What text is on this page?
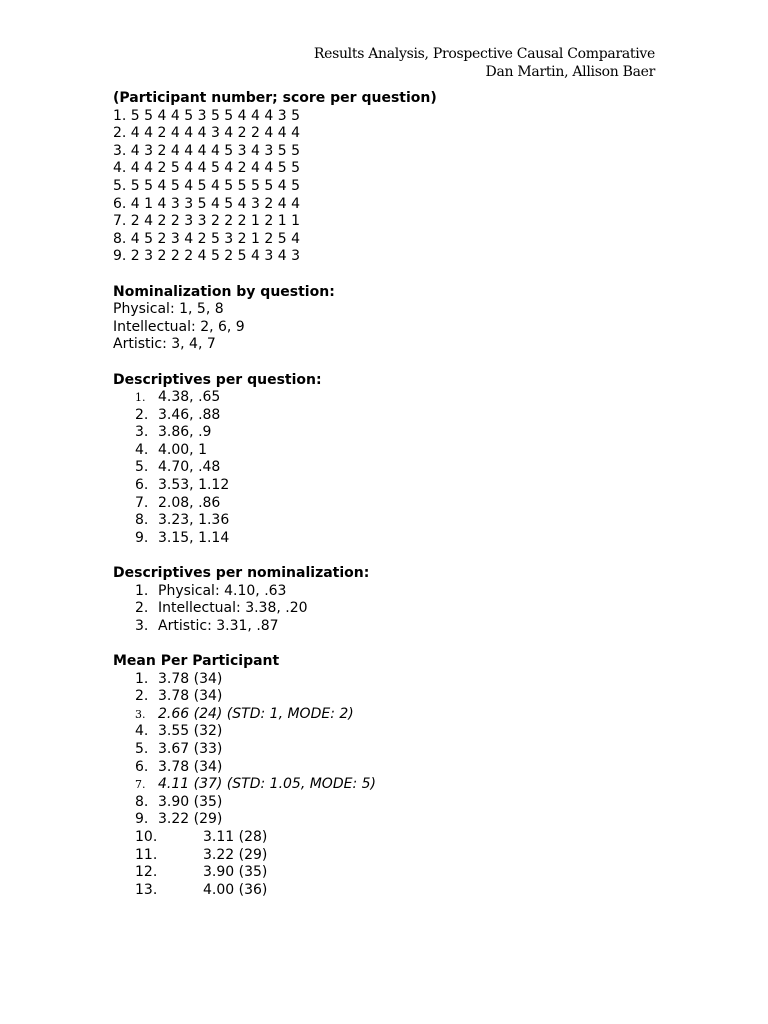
Results Analysis, Prospective Causal Comparative
Dan Martin, Allison Baer
(Participant number; score per question)
1. 5 5 4 4 5 3 5 5 4 4 4 3 5
2. 4 4 2 4 4 4 3 4 2 2 4 4 4
3. 4 3 2 4 4 4 4 5 3 4 3 5 5
4. 4 4 2 5 4 4 5 4 2 4 4 5 5
5. 5 5 4 5 4 5 4 5 5 5 5 4 5
6. 4 1 4 3 3 5 4 5 4 3 2 4 4
7. 2 4 2 2 3 3 2 2 2 1 2 1 1
8. 4 5 2 3 4 2 5 3 2 1 2 5 4
9. 2 3 2 2 2 4 5 2 5 4 3 4 3
Nominalization by question:
Physical: 1, 5, 8
Intellectual: 2, 6, 9
Artistic: 3, 4, 7
Descriptives per question:
1. 4.38, .65
2. 3.46, .88
3. 3.86, .9
4. 4.00, 1
5. 4.70, .48
6. 3.53, 1.12
7. 2.08, .86
8. 3.23, 1.36
9. 3.15, 1.14
Descriptives per nominalization:
1. Physical: 4.10, .63
2. Intellectual: 3.38, .20
3. Artistic: 3.31, .87
Mean Per Participant
1. 3.78 (34)
2. 3.78 (34)
3. 2.66 (24) (STD: 1, MODE: 2)
4. 3.55 (32)
5. 3.67 (33)
6. 3.78 (34)
7. 4.11 (37) (STD: 1.05, MODE: 5)
8. 3.90 (35)
9. 3.22 (29)
10.	3.11 (28)
11.	3.22 (29)
12.	3.90 (35)
13.	4.00 (36)
